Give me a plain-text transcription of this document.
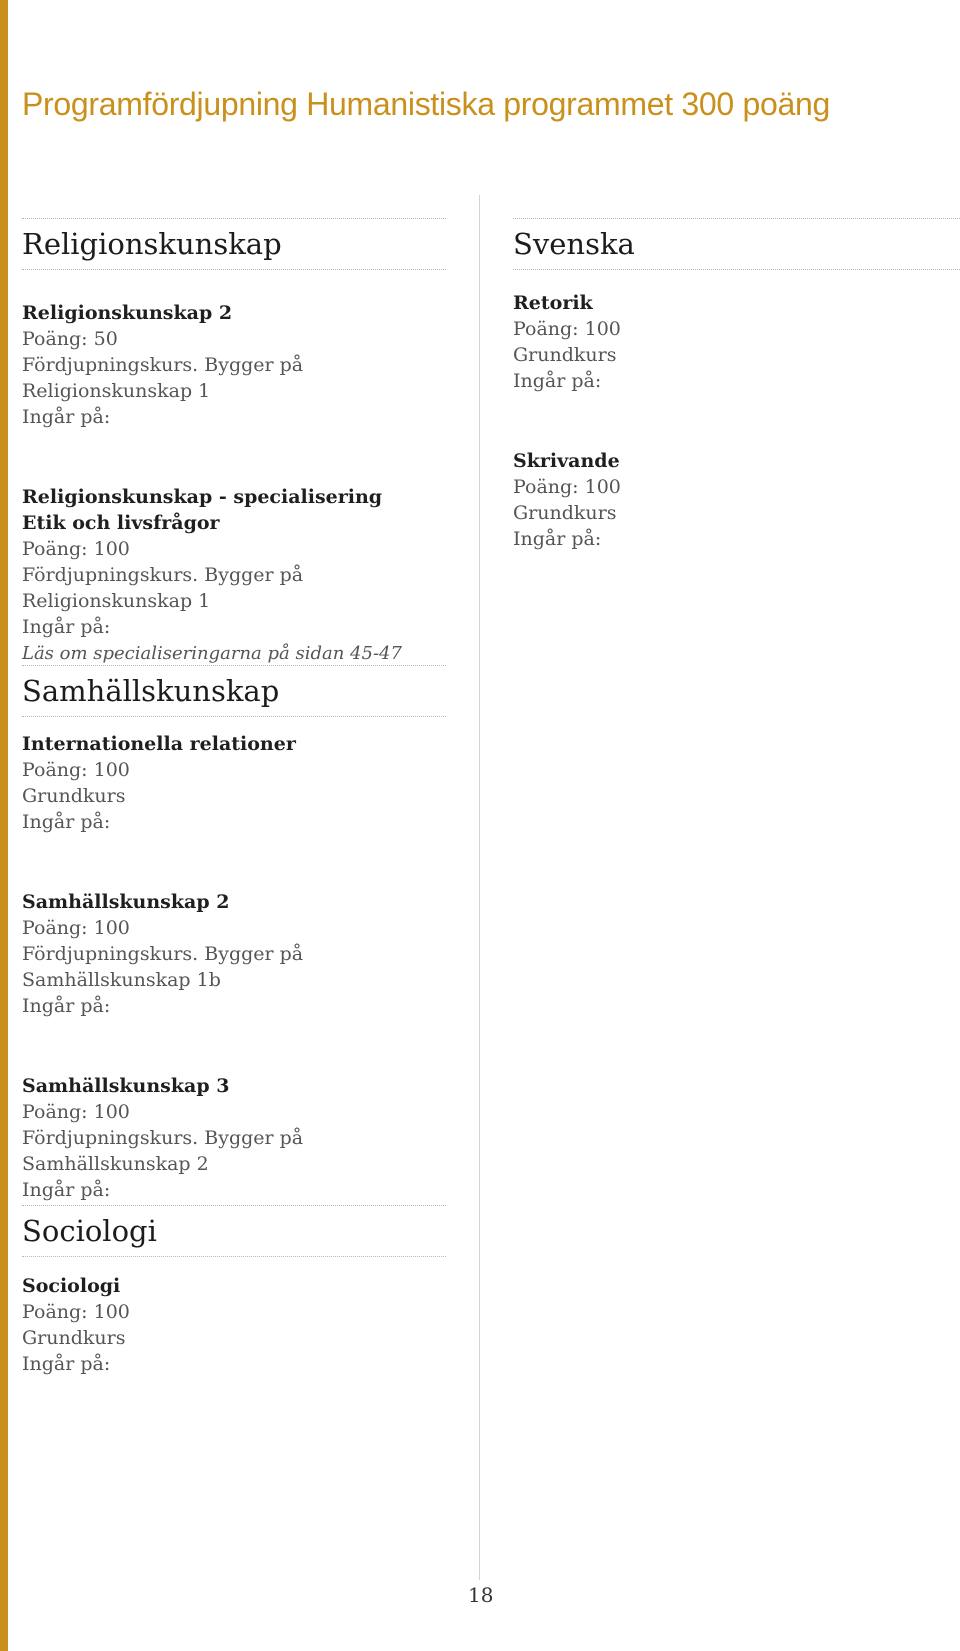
Programfördjupning Humanistiska programmet 300 poäng
Religionskunskap
Religionskunskap 2
Poäng: 50
Fördjupningskurs. Bygger på Religionskunskap 1
Ingår på:
Religionskunskap - specialisering
Etik och livsfrågor
Poäng: 100
Fördjupningskurs. Bygger på Religionskunskap 1
Ingår på:
Läs om specialiseringarna på sidan 45-47
Samhällskunskap
Internationella relationer
Poäng: 100
Grundkurs
Ingår på:
Samhällskunskap 2
Poäng: 100
Fördjupningskurs. Bygger på Samhällskunskap 1b
Ingår på:
Samhällskunskap 3
Poäng: 100
Fördjupningskurs. Bygger på Samhällskunskap 2
Ingår på:
Sociologi
Sociologi
Poäng: 100
Grundkurs
Ingår på:
Svenska
Retorik
Poäng: 100
Grundkurs
Ingår på:
Skrivande
Poäng: 100
Grundkurs
Ingår på:
18
